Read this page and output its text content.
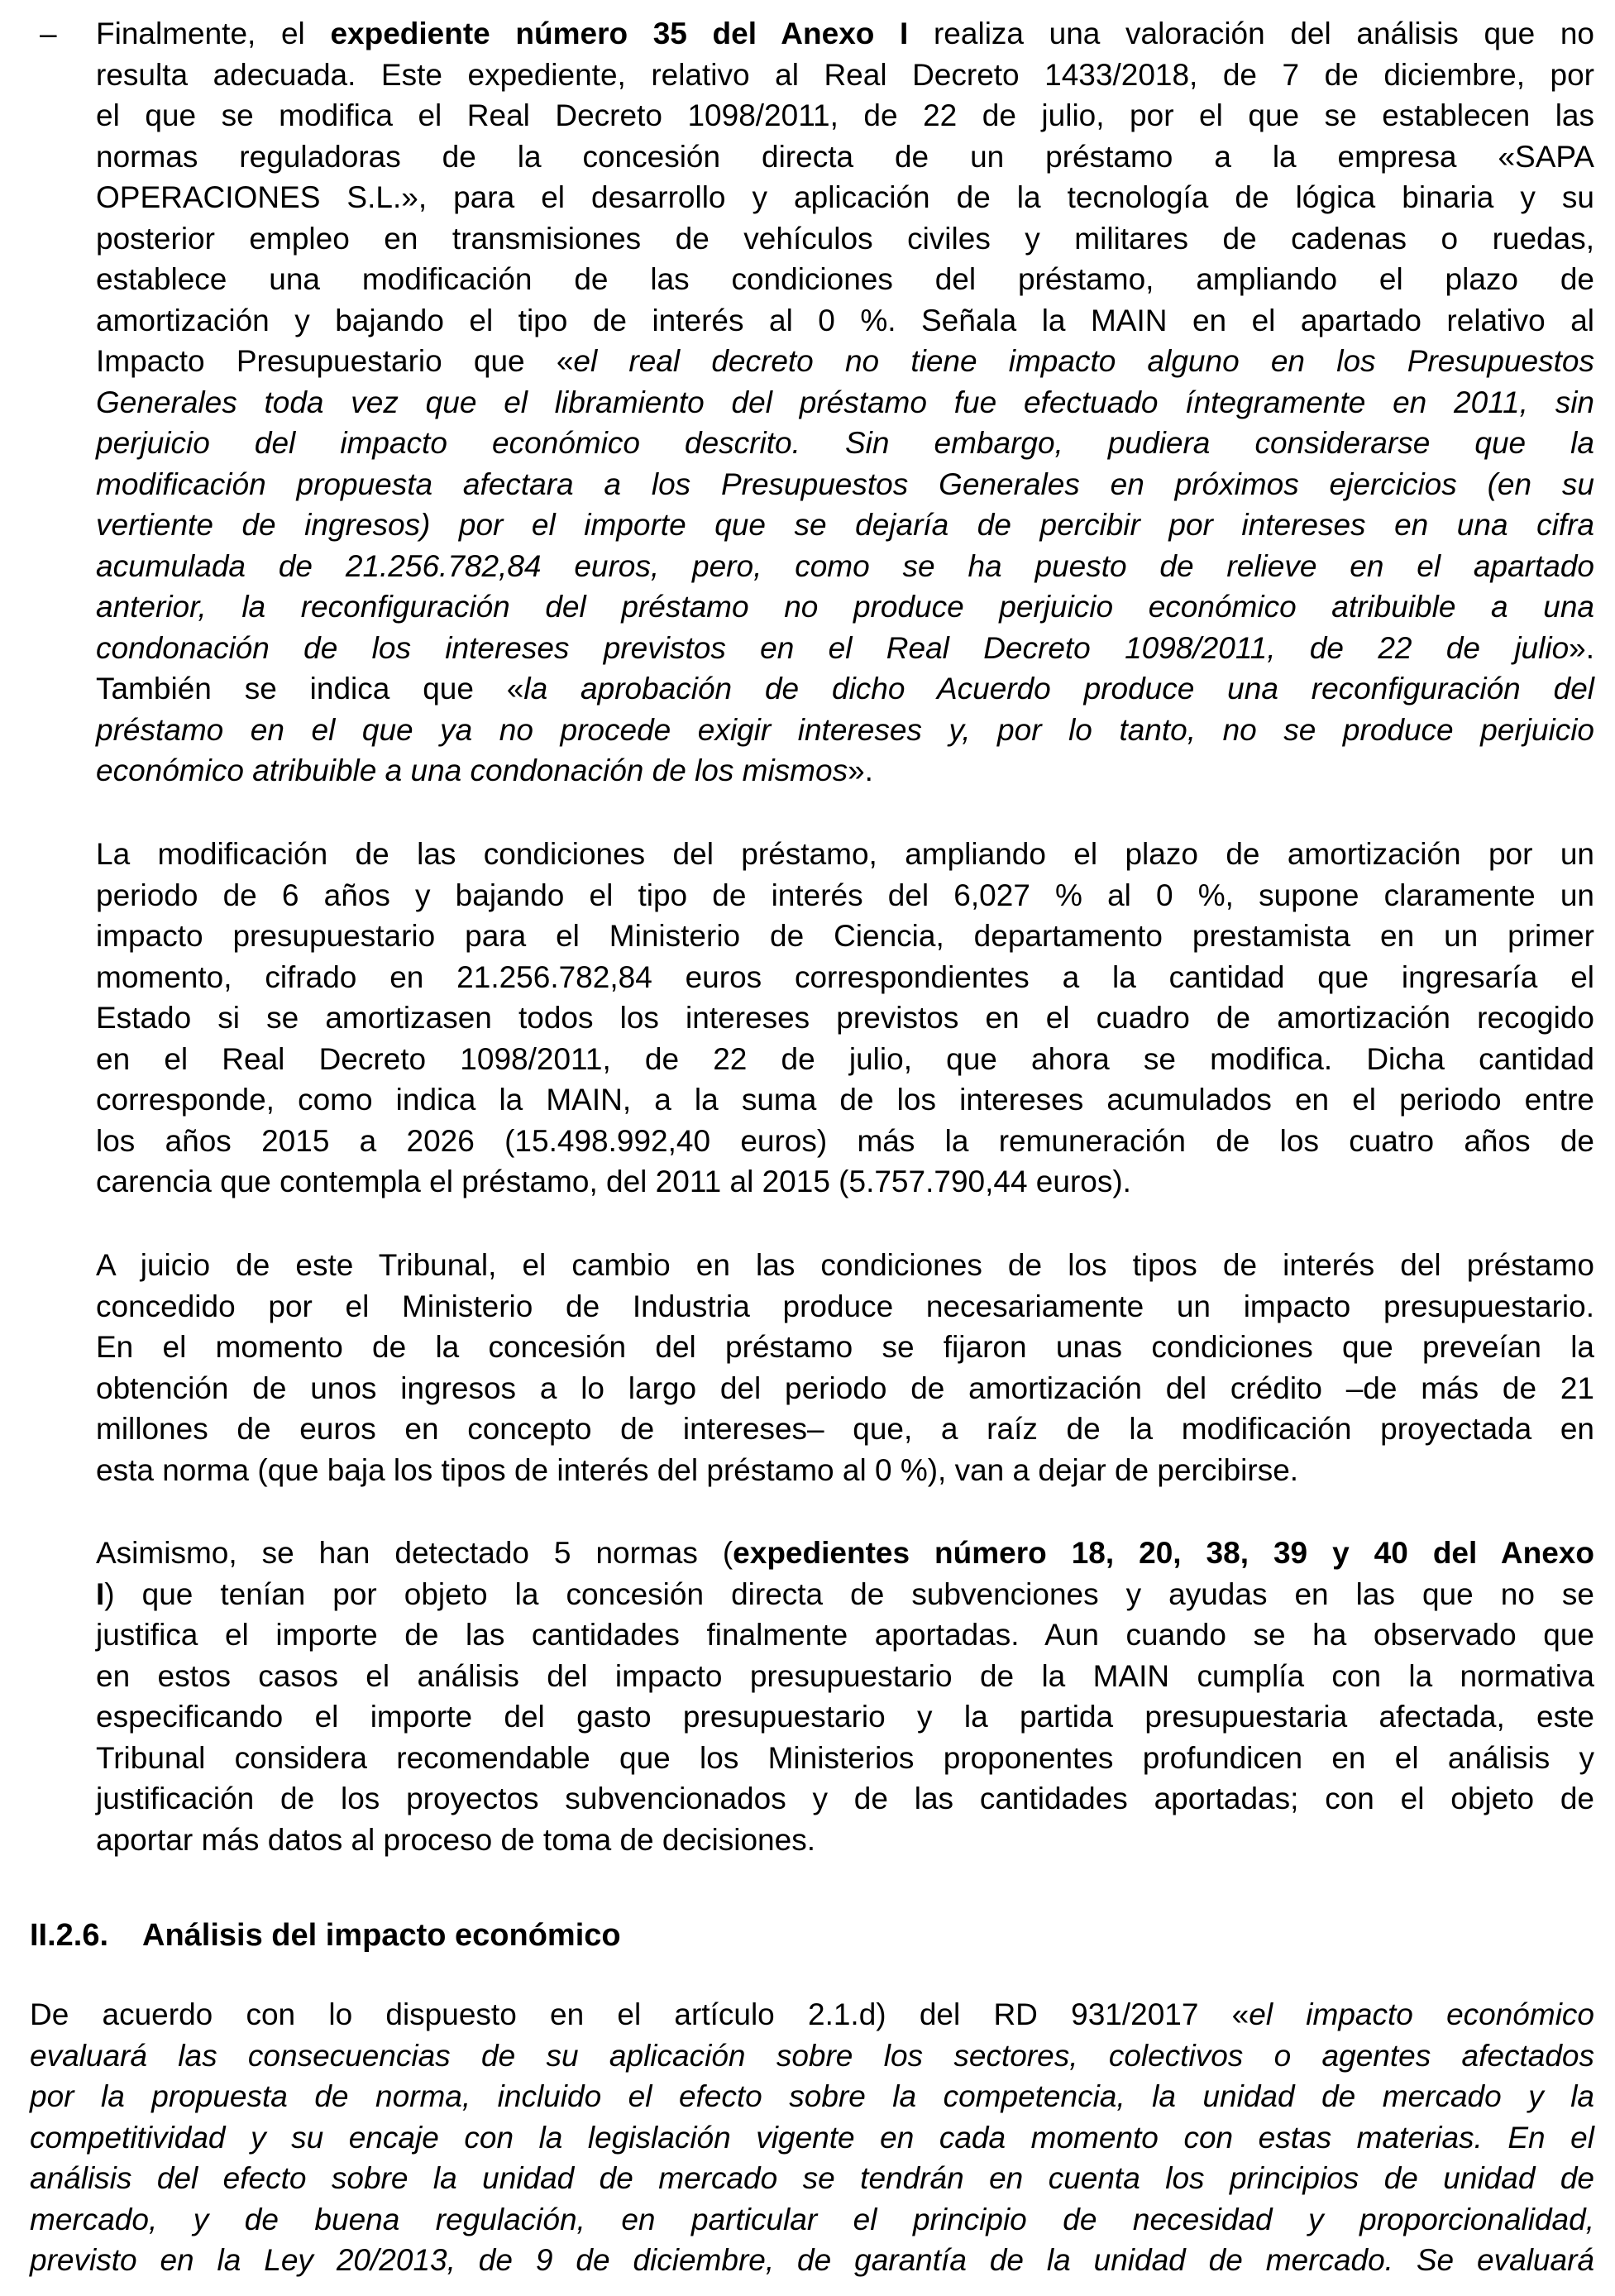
– Finalmente, el expediente número 35 del Anexo I realiza una valoración del análisis que no
resulta adecuada. Este expediente, relativo al Real Decreto 1433/2018, de 7 de diciembre, por
el que se modifica el Real Decreto 1098/2011, de 22 de julio, por el que se establecen las
normas reguladoras de la concesión directa de un préstamo a la empresa «SAPA
OPERACIONES S.L.», para el desarrollo y aplicación de la tecnología de lógica binaria y su
posterior empleo en transmisiones de vehículos civiles y militares de cadenas o ruedas,
establece una modificación de las condiciones del préstamo, ampliando el plazo de
amortización y bajando el tipo de interés al 0 %. Señala la MAIN en el apartado relativo al
Impacto Presupuestario que «el real decreto no tiene impacto alguno en los Presupuestos
Generales toda vez que el libramiento del préstamo fue efectuado íntegramente en 2011, sin
perjuicio del impacto económico descrito. Sin embargo, pudiera considerarse que la
modificación propuesta afectara a los Presupuestos Generales en próximos ejercicios (en su
vertiente de ingresos) por el importe que se dejaría de percibir por intereses en una cifra
acumulada de 21.256.782,84 euros, pero, como se ha puesto de relieve en el apartado
anterior, la reconfiguración del préstamo no produce perjuicio económico atribuible a una
condonación de los intereses previstos en el Real Decreto 1098/2011, de 22 de julio».
También se indica que «la aprobación de dicho Acuerdo produce una reconfiguración del
préstamo en el que ya no procede exigir intereses y, por lo tanto, no se produce perjuicio
económico atribuible a una condonación de los mismos».
La modificación de las condiciones del préstamo, ampliando el plazo de amortización por un
periodo de 6 años y bajando el tipo de interés del 6,027 % al 0 %, supone claramente un
impacto presupuestario para el Ministerio de Ciencia, departamento prestamista en un primer
momento, cifrado en 21.256.782,84 euros correspondientes a la cantidad que ingresaría el
Estado si se amortizasen todos los intereses previstos en el cuadro de amortización recogido
en el Real Decreto 1098/2011, de 22 de julio, que ahora se modifica. Dicha cantidad
corresponde, como indica la MAIN, a la suma de los intereses acumulados en el periodo entre
los años 2015 a 2026 (15.498.992,40 euros) más la remuneración de los cuatro años de
carencia que contempla el préstamo, del 2011 al 2015 (5.757.790,44 euros).
A juicio de este Tribunal, el cambio en las condiciones de los tipos de interés del préstamo
concedido por el Ministerio de Industria produce necesariamente un impacto presupuestario.
En el momento de la concesión del préstamo se fijaron unas condiciones que preveían la
obtención de unos ingresos a lo largo del periodo de amortización del crédito –de más de 21
millones de euros en concepto de intereses– que, a raíz de la modificación proyectada en
esta norma (que baja los tipos de interés del préstamo al 0 %), van a dejar de percibirse.
Asimismo, se han detectado 5 normas (expedientes número 18, 20, 38, 39 y 40 del Anexo
I) que tenían por objeto la concesión directa de subvenciones y ayudas en las que no se
justifica el importe de las cantidades finalmente aportadas. Aun cuando se ha observado que
en estos casos el análisis del impacto presupuestario de la MAIN cumplía con la normativa
especificando el importe del gasto presupuestario y la partida presupuestaria afectada, este
Tribunal considera recomendable que los Ministerios proponentes profundicen en el análisis y
justificación de los proyectos subvencionados y de las cantidades aportadas; con el objeto de
aportar más datos al proceso de toma de decisiones.
II.2.6. Análisis del impacto económico
De acuerdo con lo dispuesto en el artículo 2.1.d) del RD 931/2017 «el impacto económico
evaluará las consecuencias de su aplicación sobre los sectores, colectivos o agentes afectados
por la propuesta de norma, incluido el efecto sobre la competencia, la unidad de mercado y la
competitividad y su encaje con la legislación vigente en cada momento con estas materias. En el
análisis del efecto sobre la unidad de mercado se tendrán en cuenta los principios de unidad de
mercado, y de buena regulación, en particular el principio de necesidad y proporcionalidad,
previsto en la Ley 20/2013, de 9 de diciembre, de garantía de la unidad de mercado. Se evaluará
